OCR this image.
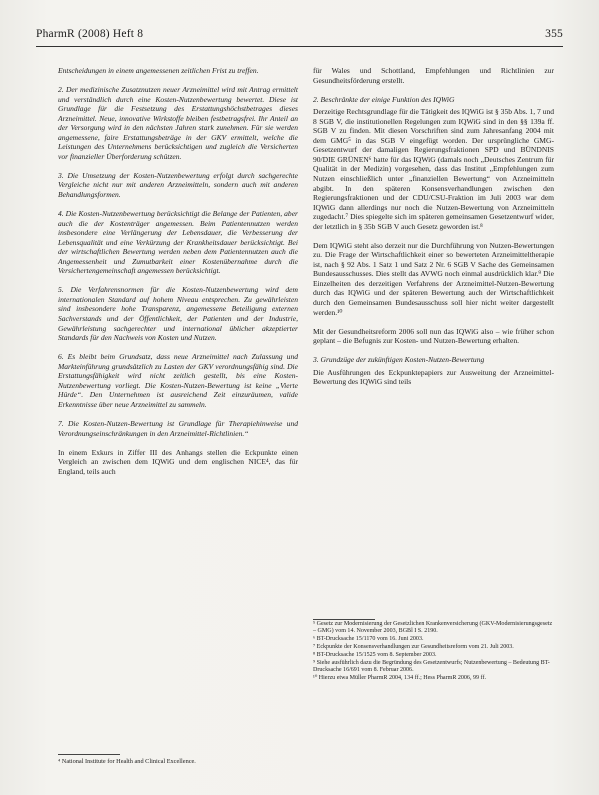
PharmR (2008) Heft 8	355

Entscheidungen in einem angemessenen zeitlichen Frist zu treffen.

2. Der medizinische Zusatznutzen neuer Arzneimittel wird mit Antrag ermittelt und verständlich durch eine Kosten-Nutzenbewertung bewertet. Diese ist Grundlage für die Festsetzung des Erstattungshöchstbetrages dieses Arzneimittel. Neue, innovative Wirkstoffe bleiben festbetragsfrei. Ihr Anteil an der Versorgung wird in den nächsten Jahren stark zunehmen. Für sie werden angemessene, faire Erstattungsbeträge in der GKV ermittelt, welche die Leistungen des Unternehmens berücksichtigen und zugleich die Versicherten vor finanzieller Überforderung schützen.

3. Die Umsetzung der Kosten-Nutzenbewertung erfolgt durch sachgerechte Vergleiche nicht nur mit anderen Arzneimitteln, sondern auch mit anderen Behandlungsformen.

4. Die Kosten-Nutzenbewertung berücksichtigt die Belange der Patienten, aber auch die der Kostenträger angemessen. Beim Patientennutzen werden insbesondere eine Verlängerung der Lebensdauer, die Verbesserung der Lebensqualität und eine Verkürzung der Krankheitsdauer berücksichtigt. Bei der wirtschaftlichen Bewertung werden neben dem Patientennutzen auch die Angemessenheit und Zumutbarkeit einer Kostenübernahme durch die Versichertengemeinschaft angemessen berücksichtigt.

5. Die Verfahrensnormen für die Kosten-Nutzenbewertung wird dem internationalen Standard auf hohem Niveau entsprechen. Zu gewährleisten sind insbesondere hohe Transparenz, angemessene Beteiligung externen Sachverstands und der Öffentlichkeit, der Patienten und der Industrie, Gewährleistung sachgerechter und international üblicher akzeptierter Standards für den Nachweis von Kosten und Nutzen.

6. Es bleibt beim Grundsatz, dass neue Arzneimittel nach Zulassung und Markteinführung grundsätzlich zu Lasten der GKV verordnungsfähig sind. Die Erstattungsfähigkeit wird nicht zeitlich gestellt, bis eine Kosten-Nutzenbewertung vorliegt. Die Kosten-Nutzen-Bewertung ist keine „Vierte Hürde“. Den Unternehmen ist ausreichend Zeit einzuräumen, valide Erkenntnisse über neue Arzneimittel zu sammeln.

7. Die Kosten-Nutzen-Bewertung ist Grundlage für Therapiehinweise und Verordnungseinschränkungen in den Arzneimittel-Richtlinien.“

In einem Exkurs in Ziffer III des Anhangs stellen die Eckpunkte einen Vergleich an zwischen dem IQWiG und dem englischen NICE⁴, das für England, teils auch

⁴ National Institute for Health and Clinical Excellence.

für Wales und Schottland, Empfehlungen und Richtlinien zur Gesundheitsförderung erstellt.

2. Beschränkte der einige Funktion des IQWiG

Derzeitige Rechtsgrundlage für die Tätigkeit des IQWiG ist § 35b Abs. 1, 7 und 8 SGB V, die institutionellen Regelungen zum IQWiG sind in den §§ 139a ff. SGB V zu finden. Mit diesen Vorschriften sind zum Jahresanfang 2004 mit dem GMG⁵ in das SGB V eingefügt worden. Der ursprüngliche GMG-Gesetzentwurf der damaligen Regierungsfraktionen SPD und BÜNDNIS 90/DIE GRÜNEN⁶ hatte für das IQWiG (damals noch „Deutsches Zentrum für Qualität in der Medizin) vorgesehen, dass das Institut „Empfehlungen zum Nutzen einschließlich unter „finanziellen Bewertung“ von Arzneimitteln abgibt. In den späteren Konsensverhandlungen zwischen den Regierungsfraktionen und der CDU/CSU-Fraktion im Juli 2003 war dem IQWiG dann allerdings nur noch die Nutzen-Bewertung von Arzneimitteln zugedacht.⁷ Dies spiegelte sich im späteren gemeinsamen Gesetzentwurf wider, der letztlich in § 35b SGB V auch Gesetz geworden ist.⁸

Dem IQWiG steht also derzeit nur die Durchführung von Nutzen-Bewertungen zu. Die Frage der Wirtschaftlichkeit einer so bewerteten Arzneimitteltherapie ist, nach § 92 Abs. 1 Satz 1 und Satz 2 Nr. 6 SGB V Sache des Gemeinsamen Bundesausschusses. Dies stellt das AVWG noch einmal ausdrücklich klar.⁹ Die Einzelheiten des derzeitigen Verfahrens der Arzneimittel-Nutzen-Bewertung durch das IQWiG und der späteren Bewertung auch der Wirtschaftlichkeit durch den Gemeinsamen Bundesausschuss soll hier nicht weiter dargestellt werden.¹⁰

Mit der Gesundheitsreform 2006 soll nun das IQWiG also – wie früher schon geplant – die Befugnis zur Kosten- und Nutzen-Bewertung erhalten.

3. Grundzüge der zukünftigen Kosten-Nutzen-Bewertung

Die Ausführungen des Eckpunktepapiers zur Ausweitung der Arzneimittel-Bewertung des IQWiG sind teils

⁵ Gesetz zur Modernisierung der Gesetzlichen Krankenversicherung (GKV-Modernisierungsgesetz – GMG) vom 14. November 2003, BGBl I S. 2190.
⁶ BT-Drucksache 15/1170 vom 16. Juni 2003.
⁷ Eckpunkte der Konsensverhandlungen zur Gesundheitsreform vom 21. Juli 2003.
⁸ BT-Drucksache 15/1525 vom 8. September 2003.
⁹ Siehe ausführlich dazu die Begründung des Gesetzentwurfs; Nutzenbewertung – Bedeutung BT-Drucksache 16/691 vom 8. Februar 2006.
¹⁰ Hierzu etwa Müller PharmR 2004, 134 ff.; Hess PharmR 2006, 99 ff.
